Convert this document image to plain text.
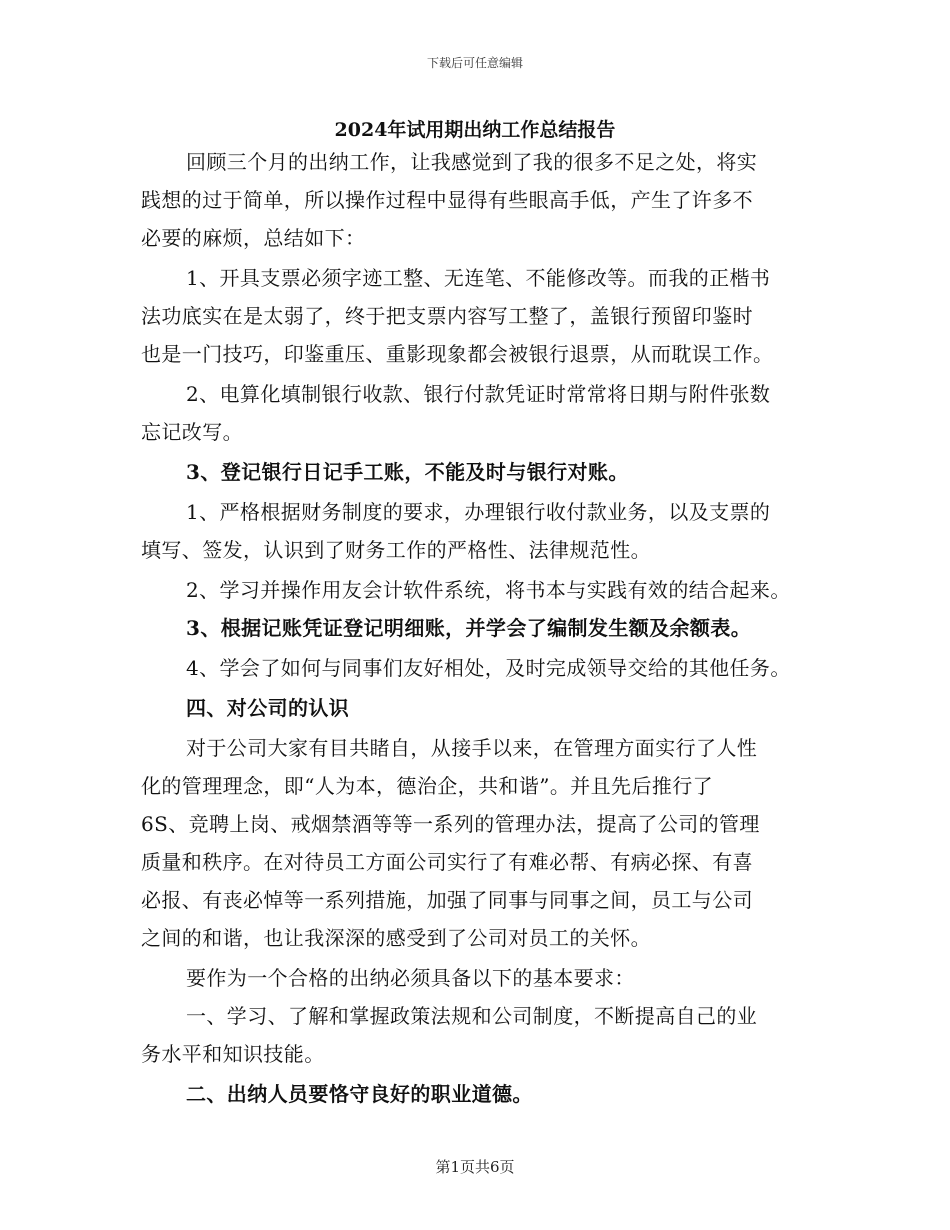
下载后可任意编辑
2024年试用期出纳工作总结报告
回顾三个月的出纳工作，让我感觉到了我的很多不足之处，将实
践想的过于简单，所以操作过程中显得有些眼高手低，产生了许多不
必要的麻烦，总结如下：
1、开具支票必须字迹工整、无连笔、不能修改等。而我的正楷书
法功底实在是太弱了，终于把支票内容写工整了，盖银行预留印鉴时
也是一门技巧，印鉴重压、重影现象都会被银行退票，从而耽误工作。
2、电算化填制银行收款、银行付款凭证时常常将日期与附件张数
忘记改写。
3、登记银行日记手工账，不能及时与银行对账。
1、严格根据财务制度的要求，办理银行收付款业务，以及支票的
填写、签发，认识到了财务工作的严格性、法律规范性。
2、学习并操作用友会计软件系统，将书本与实践有效的结合起来。
3、根据记账凭证登记明细账，并学会了编制发生额及余额表。
4、学会了如何与同事们友好相处，及时完成领导交给的其他任务。
四、对公司的认识
对于公司大家有目共睹自，从接手以来，在管理方面实行了人性
化的管理理念，即“人为本，德治企，共和谐”。并且先后推行了
6S、竞聘上岗、戒烟禁酒等等一系列的管理办法，提高了公司的管理
质量和秩序。在对待员工方面公司实行了有难必帮、有病必探、有喜
必报、有丧必悼等一系列措施，加强了同事与同事之间，员工与公司
之间的和谐，也让我深深的感受到了公司对员工的关怀。
要作为一个合格的出纳必须具备以下的基本要求：
一、学习、了解和掌握政策法规和公司制度，不断提高自己的业
务水平和知识技能。
二、出纳人员要恪守良好的职业道德。
第1页共6页
